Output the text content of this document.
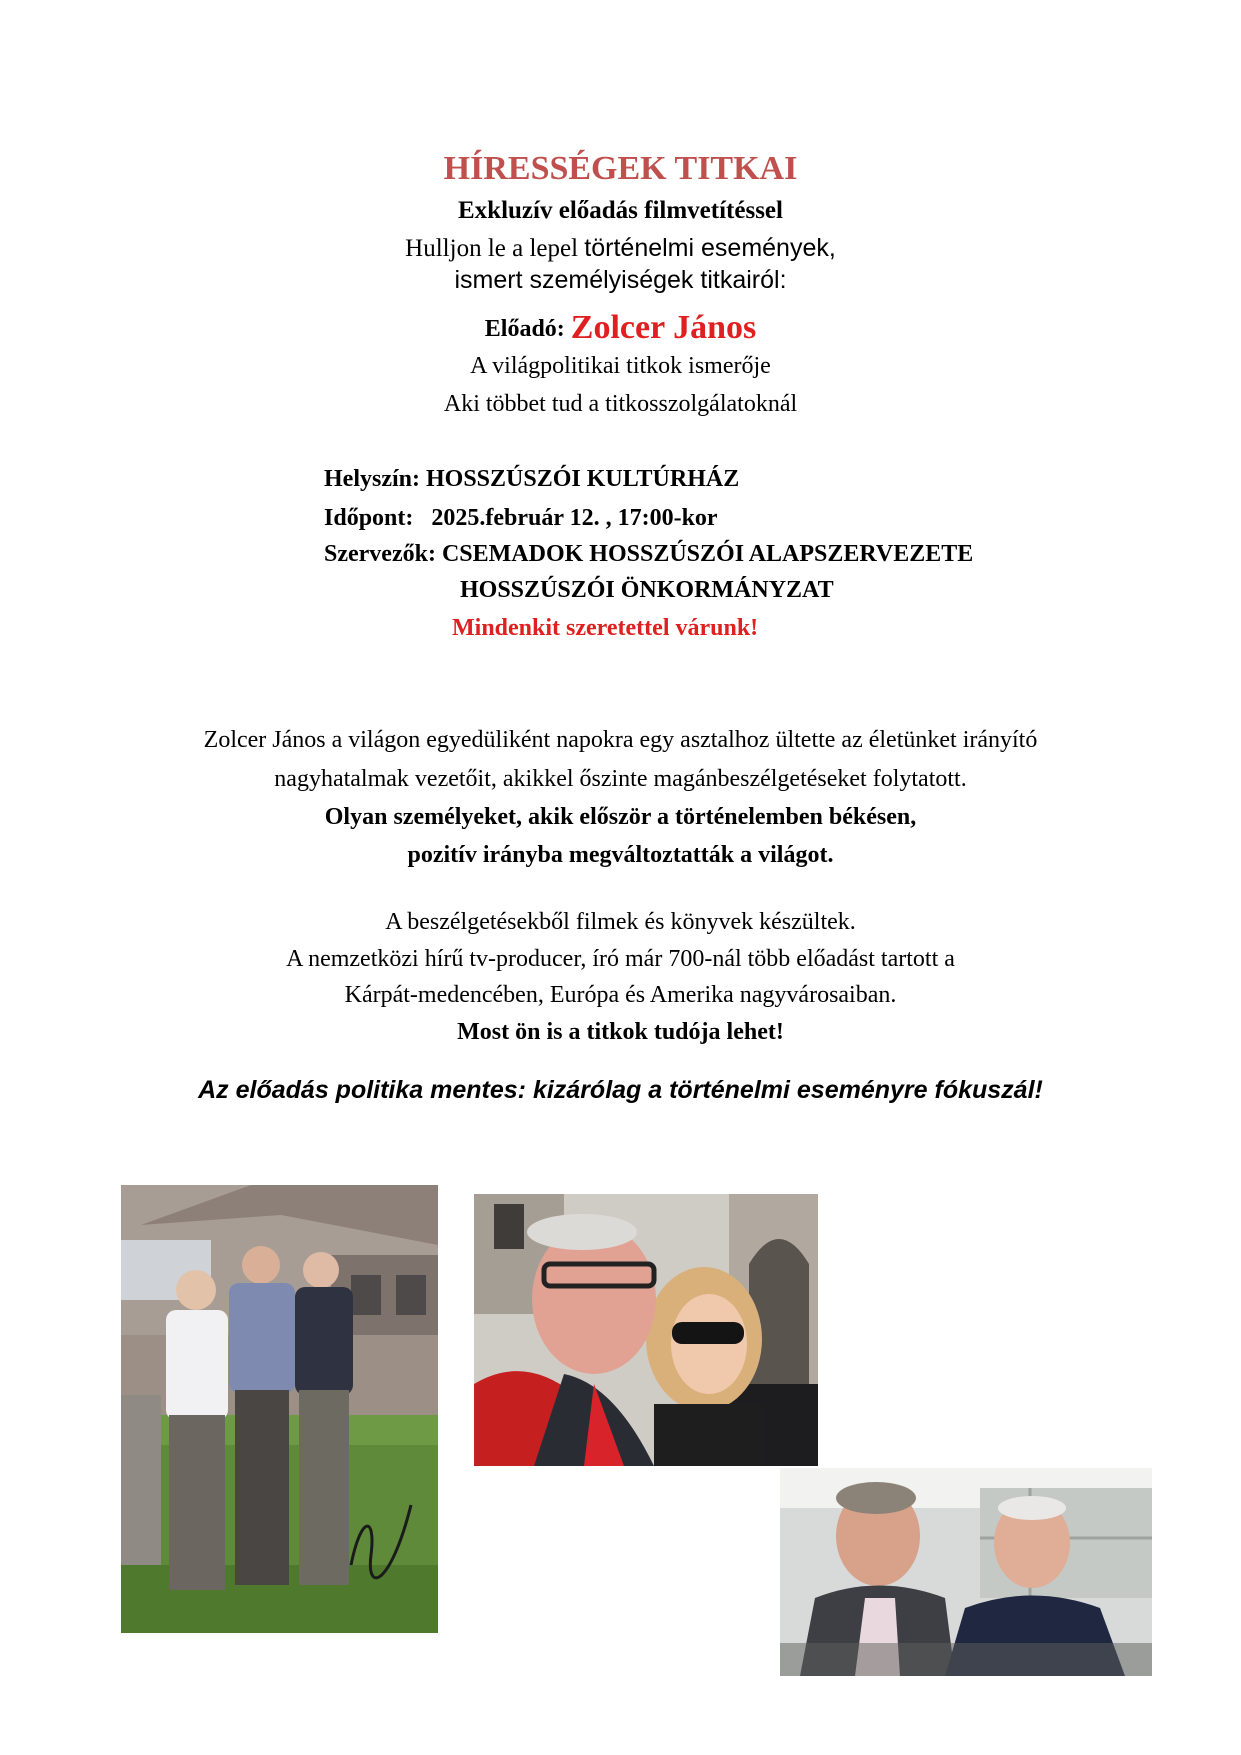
HÍRESSÉGEK TITKAI
Exkluzív előadás filmvetítéssel
Hulljon le a lepel történelmi események,
ismert személyiségek titkairól:
Előadó: Zolcer János
A világpolitikai titkok ismerője
Aki többet tud a titkosszolgálatoknál
Helyszín: HOSSZÚSZÓI KULTÚRHÁZ
Időpont: 2025.február 12. , 17:00-kor
Szervezők: CSEMADOK HOSSZÚSZÓI ALAPSZERVEZETE
HOSSZÚSZÓI ÖNKORMÁNYZAT
Mindenkit szeretettel várunk!
Zolcer János a világon egyedüliként napokra egy asztalhoz ültette az életünket irányító
nagyhatalmak vezetőit, akikkel őszinte magánbeszélgetéseket folytatott.
Olyan személyeket, akik először a történelemben békésen,
pozitív irányba megváltoztatták a világot.
A beszélgetésekből filmek és könyvek készültek.
A nemzetközi hírű tv-producer, író már 700-nál több előadást tartott a
Kárpát-medencében, Európa és Amerika nagyvárosaiban.
Most ön is a titkok tudója lehet!
Az előadás politika mentes: kizárólag a történelmi eseményre fókuszál!
